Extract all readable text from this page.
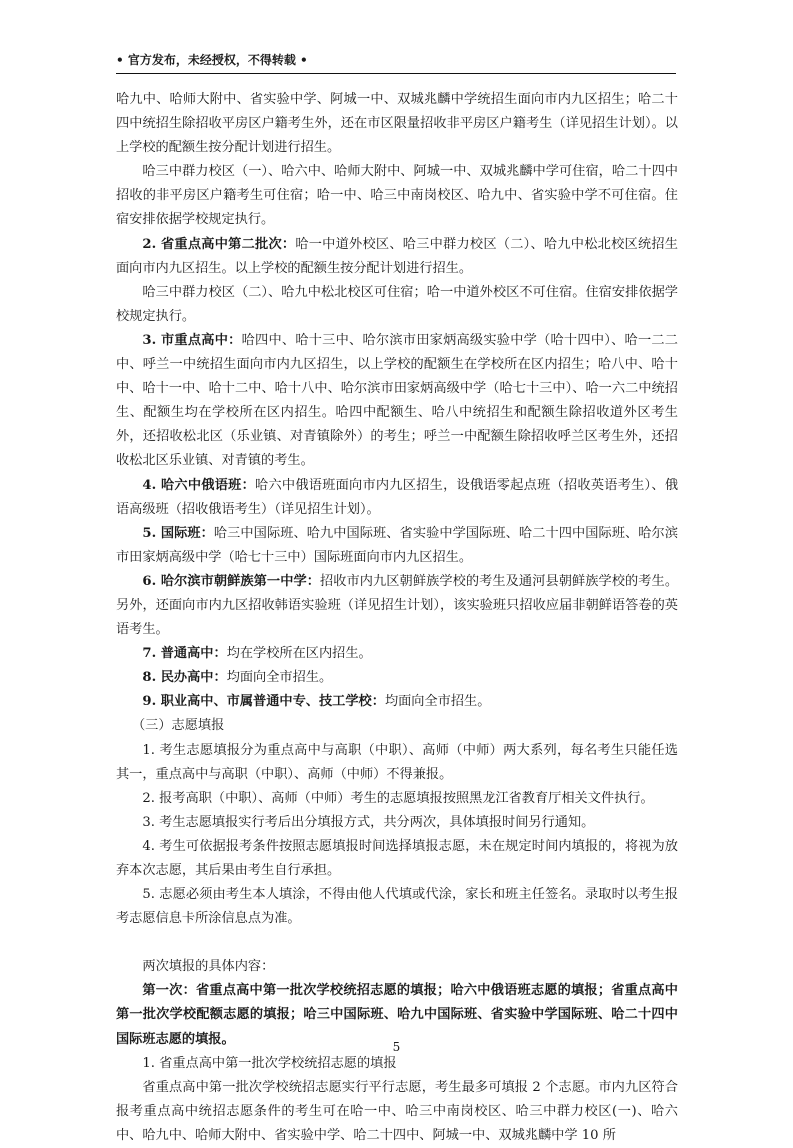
• 官方发布，未经授权，不得转载 •

哈九中、哈师大附中、省实验中学、阿城一中、双城兆麟中学统招生面向市内九区招生；哈二十四中统招生除招收平房区户籍考生外，还在市区限量招收非平房区户籍考生（详见招生计划）。以上学校的配额生按分配计划进行招生。

哈三中群力校区（一）、哈六中、哈师大附中、阿城一中、双城兆麟中学可住宿，哈二十四中招收的非平房区户籍考生可住宿；哈一中、哈三中南岗校区、哈九中、省实验中学不可住宿。住宿安排依据学校规定执行。

2. 省重点高中第二批次：哈一中道外校区、哈三中群力校区（二）、哈九中松北校区统招生面向市内九区招生。以上学校的配额生按分配计划进行招生。

哈三中群力校区（二）、哈九中松北校区可住宿；哈一中道外校区不可住宿。住宿安排依据学校规定执行。

3. 市重点高中：哈四中、哈十三中、哈尔滨市田家炳高级实验中学（哈十四中）、哈一二二中、呼兰一中统招生面向市内九区招生，以上学校的配额生在学校所在区内招生；哈八中、哈十中、哈十一中、哈十二中、哈十八中、哈尔滨市田家炳高级中学（哈七十三中）、哈一六二中统招生、配额生均在学校所在区内招生。哈四中配额生、哈八中统招生和配额生除招收道外区考生外，还招收松北区（乐业镇、对青镇除外）的考生；呼兰一中配额生除招收呼兰区考生外，还招收松北区乐业镇、对青镇的考生。

4. 哈六中俄语班：哈六中俄语班面向市内九区招生，设俄语零起点班（招收英语考生）、俄语高级班（招收俄语考生）（详见招生计划）。

5. 国际班：哈三中国际班、哈九中国际班、省实验中学国际班、哈二十四中国际班、哈尔滨市田家炳高级中学（哈七十三中）国际班面向市内九区招生。

6. 哈尔滨市朝鲜族第一中学：招收市内九区朝鲜族学校的考生及通河县朝鲜族学校的考生。另外，还面向市内九区招收韩语实验班（详见招生计划），该实验班只招收应届非朝鲜语答卷的英语考生。

7. 普通高中：均在学校所在区内招生。

8. 民办高中：均面向全市招生。

9. 职业高中、市属普通中专、技工学校：均面向全市招生。

（三）志愿填报

1. 考生志愿填报分为重点高中与高职（中职）、高师（中师）两大系列，每名考生只能任选其一，重点高中与高职（中职）、高师（中师）不得兼报。

2. 报考高职（中职）、高师（中师）考生的志愿填报按照黑龙江省教育厅相关文件执行。

3. 考生志愿填报实行考后出分填报方式，共分两次，具体填报时间另行通知。

4. 考生可依据报考条件按照志愿填报时间选择填报志愿，未在规定时间内填报的，将视为放弃本次志愿，其后果由考生自行承担。

5. 志愿必须由考生本人填涂，不得由他人代填或代涂，家长和班主任签名。录取时以考生报考志愿信息卡所涂信息点为准。

两次填报的具体内容：

第一次：省重点高中第一批次学校统招志愿的填报；哈六中俄语班志愿的填报；省重点高中第一批次学校配额志愿的填报；哈三中国际班、哈九中国际班、省实验中学国际班、哈二十四中国际班志愿的填报。

1. 省重点高中第一批次学校统招志愿的填报

省重点高中第一批次学校统招志愿实行平行志愿，考生最多可填报 2 个志愿。市内九区符合报考重点高中统招志愿条件的考生可在哈一中、哈三中南岗校区、哈三中群力校区(一)、哈六中、哈九中、哈师大附中、省实验中学、哈二十四中、阿城一中、双城兆麟中学 10 所

5
